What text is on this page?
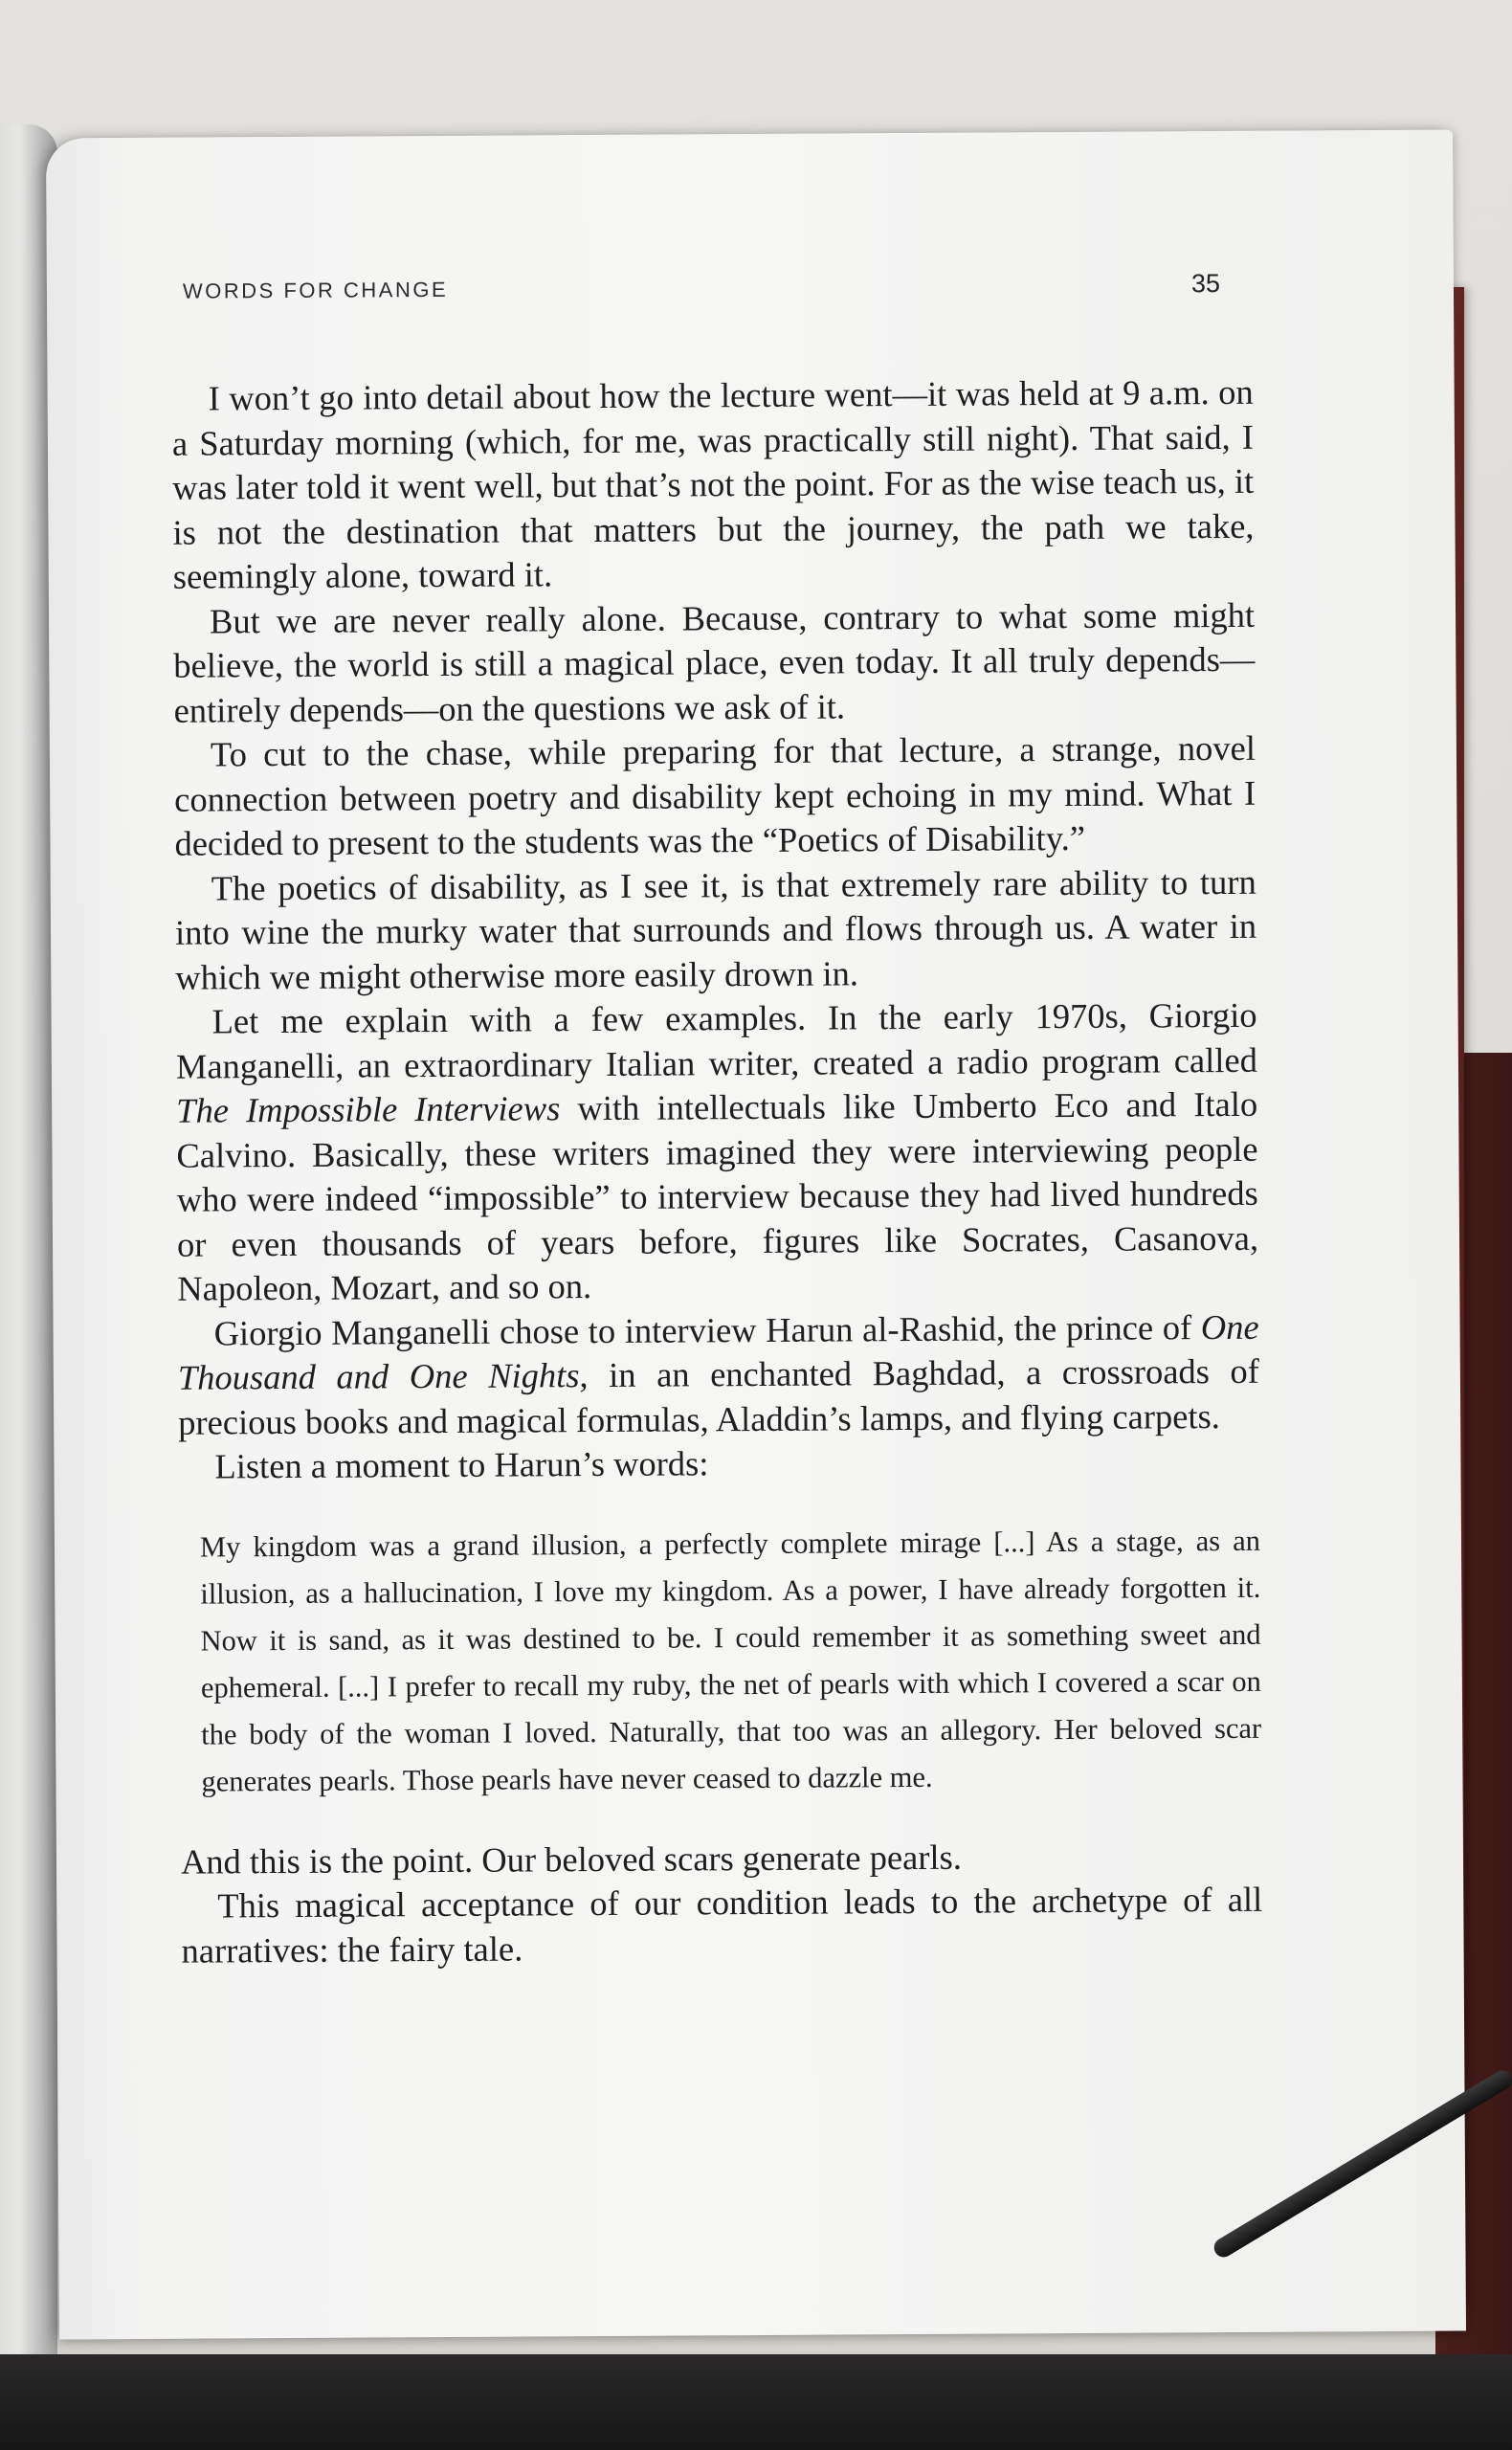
WORDS FOR CHANGE	35

I won’t go into detail about how the lecture went—it was held at 9 a.m. on a Saturday morning (which, for me, was practically still night). That said, I was later told it went well, but that’s not the point. For as the wise teach us, it is not the destination that matters but the journey, the path we take, seemingly alone, toward it.

But we are never really alone. Because, contrary to what some might believe, the world is still a magical place, even today. It all truly depends—entirely depends—on the questions we ask of it.

To cut to the chase, while preparing for that lecture, a strange, novel connection between poetry and disability kept echoing in my mind. What I decided to present to the students was the “Poetics of Disability.”

The poetics of disability, as I see it, is that extremely rare ability to turn into wine the murky water that surrounds and flows through us. A water in which we might otherwise more easily drown in.

Let me explain with a few examples. In the early 1970s, Giorgio Manganelli, an extraordinary Italian writer, created a radio program called The Impossible Interviews with intellectuals like Umberto Eco and Italo Calvino. Basically, these writers imagined they were interviewing people who were indeed “impossible” to interview because they had lived hundreds or even thousands of years before, figures like Socrates, Casanova, Napoleon, Mozart, and so on.

Giorgio Manganelli chose to interview Harun al-Rashid, the prince of One Thousand and One Nights, in an enchanted Baghdad, a crossroads of precious books and magical formulas, Aladdin’s lamps, and flying carpets.

Listen a moment to Harun’s words:

My kingdom was a grand illusion, a perfectly complete mirage [...] As a stage, as an illusion, as a hallucination, I love my kingdom. As a power, I have already forgotten it. Now it is sand, as it was destined to be. I could remember it as something sweet and ephemeral. [...] I prefer to recall my ruby, the net of pearls with which I covered a scar on the body of the woman I loved. Naturally, that too was an allegory. Her beloved scar generates pearls. Those pearls have never ceased to dazzle me.

And this is the point. Our beloved scars generate pearls.

This magical acceptance of our condition leads to the archetype of all narratives: the fairy tale.
